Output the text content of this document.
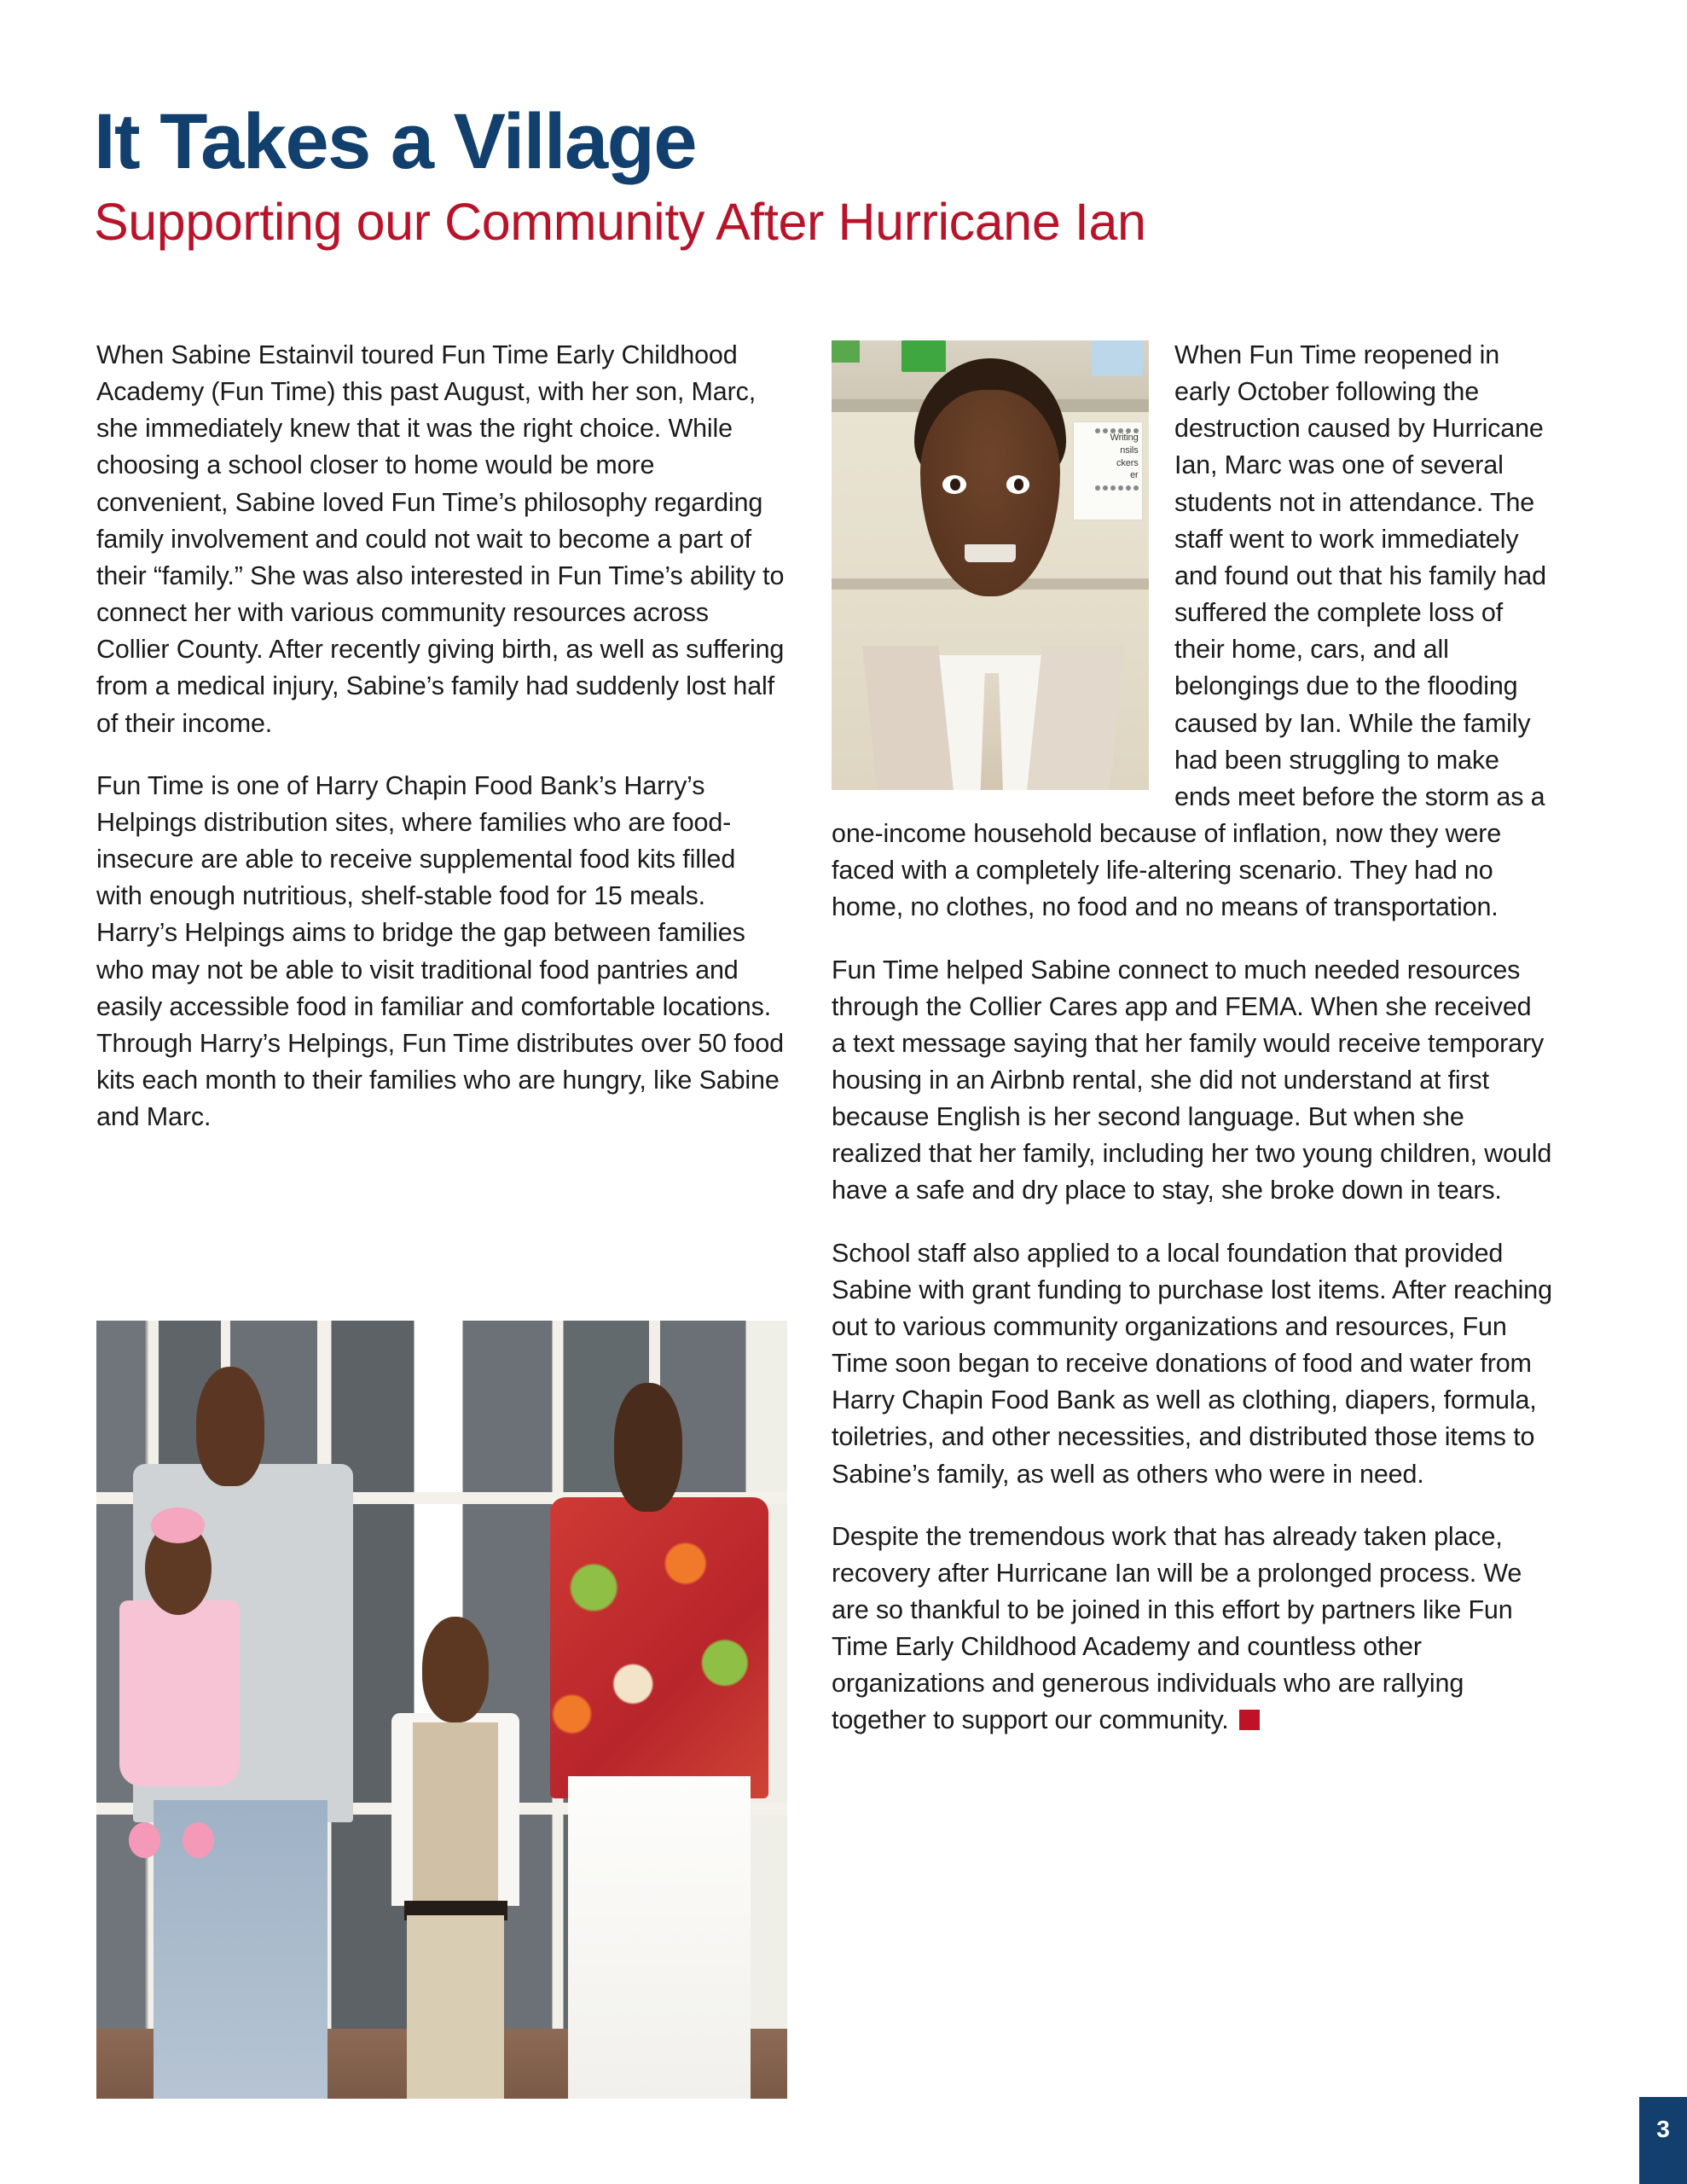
It Takes a Village
Supporting our Community After Hurricane Ian

When Sabine Estainvil toured Fun Time Early Childhood Academy (Fun Time) this past August, with her son, Marc, she immediately knew that it was the right choice. While choosing a school closer to home would be more convenient, Sabine loved Fun Time’s philosophy regarding family involvement and could not wait to become a part of their “family.” She was also interested in Fun Time’s ability to connect her with various community resources across Collier County. After recently giving birth, as well as suffering from a medical injury, Sabine’s family had suddenly lost half of their income.

Fun Time is one of Harry Chapin Food Bank’s Harry’s Helpings distribution sites, where families who are food-insecure are able to receive supplemental food kits filled with enough nutritious, shelf-stable food for 15 meals. Harry’s Helpings aims to bridge the gap between families who may not be able to visit traditional food pantries and easily accessible food in familiar and comfortable locations. Through Harry’s Helpings, Fun Time distributes over 50 food kits each month to their families who are hungry, like Sabine and Marc.

Writing
nsils
ckers
er

When Fun Time reopened in early October following the destruction caused by Hurricane Ian, Marc was one of several students not in attendance. The staff went to work immediately and found out that his family had suffered the complete loss of their home, cars, and all belongings due to the flooding caused by Ian. While the family had been struggling to make ends meet before the storm as a one-income household because of inflation, now they were faced with a completely life-altering scenario. They had no home, no clothes, no food and no means of transportation.

Fun Time helped Sabine connect to much needed resources through the Collier Cares app and FEMA. When she received a text message saying that her family would receive temporary housing in an Airbnb rental, she did not understand at first because English is her second language. But when she realized that her family, including her two young children, would have a safe and dry place to stay, she broke down in tears.

School staff also applied to a local foundation that provided Sabine with grant funding to purchase lost items. After reaching out to various community organizations and resources, Fun Time soon began to receive donations of food and water from Harry Chapin Food Bank as well as clothing, diapers, formula, toiletries, and other necessities, and distributed those items to Sabine’s family, as well as others who were in need.

Despite the tremendous work that has already taken place, recovery after Hurricane Ian will be a prolonged process. We are so thankful to be joined in this effort by partners like Fun Time Early Childhood Academy and countless other organizations and generous individuals who are rallying together to support our community.

3
